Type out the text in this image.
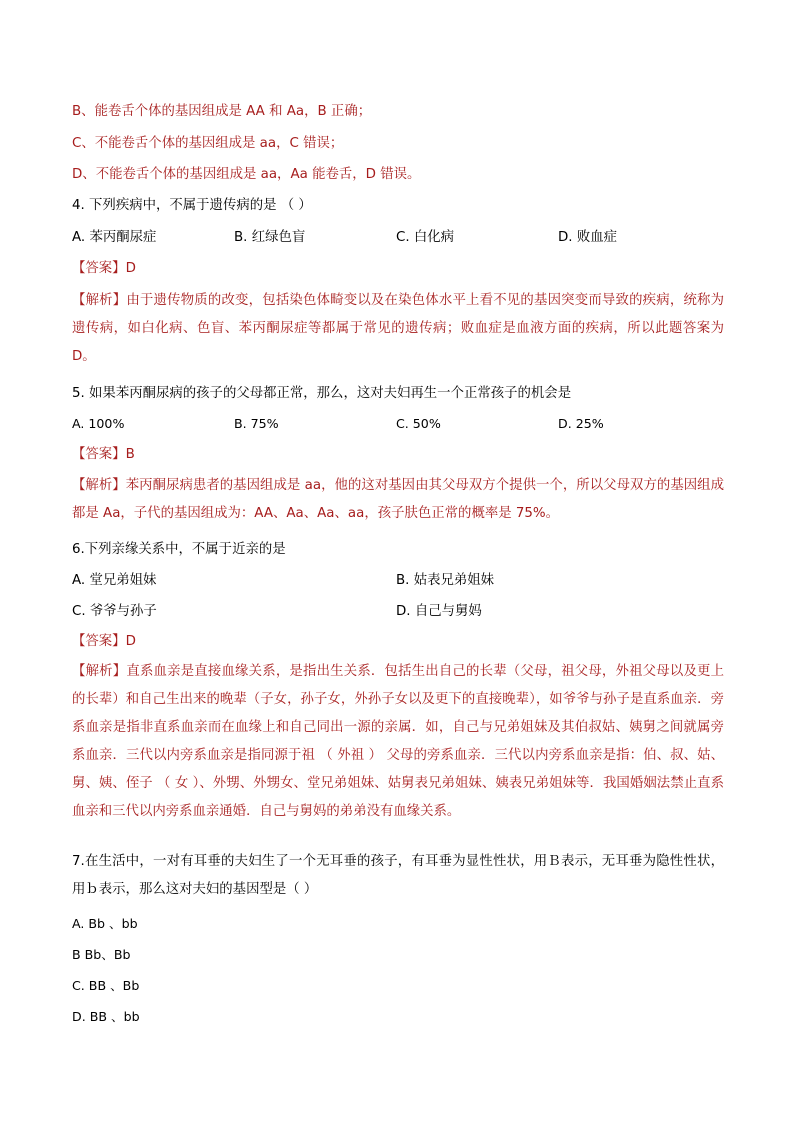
B、能卷舌个体的基因组成是 AA 和 Aa，B 正确；
C、不能卷舌个体的基因组成是 aa，C 错误；
D、不能卷舌个体的基因组成是 aa，Aa 能卷舌，D 错误。
4. 下列疾病中，不属于遗传病的是 （ ）
A. 苯丙酮尿症	B. 红绿色盲	C. 白化病	D. 败血症
【答案】D
【解析】由于遗传物质的改变，包括染色体畸变以及在染色体水平上看不见的基因突变而导致的疾病，统称为遗传病，如白化病、色盲、苯丙酮尿症等都属于常见的遗传病；败血症是血液方面的疾病，所以此题答案为 D。
5. 如果苯丙酮尿病的孩子的父母都正常，那么，这对夫妇再生一个正常孩子的机会是
A. 100%	B. 75%	C. 50%	D. 25%
【答案】B
【解析】苯丙酮尿病患者的基因组成是 aa，他的这对基因由其父母双方个提供一个，所以父母双方的基因组成都是 Aa，子代的基因组成为：AA、Aa、Aa、aa，孩子肤色正常的概率是 75%。
6.下列亲缘关系中，不属于近亲的是
A. 堂兄弟姐妹	B. 姑表兄弟姐妹
C. 爷爷与孙子	D. 自己与舅妈
【答案】D
【解析】直系血亲是直接血缘关系，是指出生关系．包括生出自己的长辈（父母，祖父母，外祖父母以及更上的长辈）和自己生出来的晚辈（子女，孙子女，外孙子女以及更下的直接晚辈），如爷爷与孙子是直系血亲．旁系血亲是指非直系血亲而在血缘上和自己同出一源的亲属．如，自己与兄弟姐妹及其伯叔姑、姨舅之间就属旁系血亲．三代以内旁系血亲是指同源于祖 （ 外祖 ） 父母的旁系血亲．三代以内旁系血亲是指：伯、叔、姑、舅、姨、侄子 （ 女 ）、外甥、外甥女、堂兄弟姐妹、姑舅表兄弟姐妹、姨表兄弟姐妹等．我国婚姻法禁止直系血亲和三代以内旁系血亲通婚．自己与舅妈的弟弟没有血缘关系。
7.在生活中，一对有耳垂的夫妇生了一个无耳垂的孩子，有耳垂为显性性状，用Ｂ表示，无耳垂为隐性性状，用ｂ表示，那么这对夫妇的基因型是（ ）
A. Bb 、bb
B Bb、Bb
C. BB 、Bb
D. BB 、bb
